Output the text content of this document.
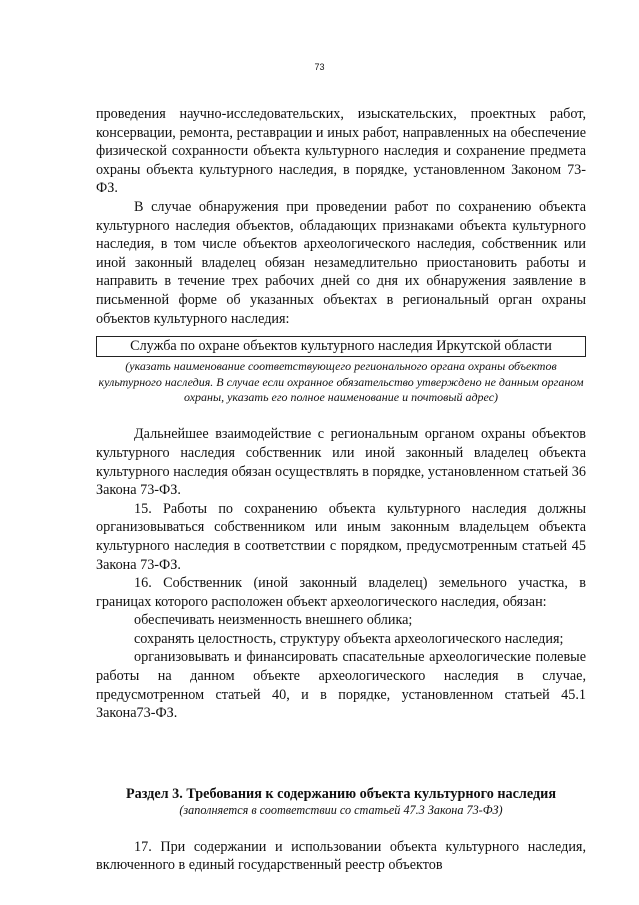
73

проведения научно-исследовательских, изыскательских, проектных работ, консервации, ремонта, реставрации и иных работ, направленных на обеспечение физической сохранности объекта культурного наследия и сохранение предмета охраны объекта культурного наследия, в порядке, установленном Законом 73-ФЗ.

В случае обнаружения при проведении работ по сохранению объекта культурного наследия объектов, обладающих признаками объекта культурного наследия, в том числе объектов археологического наследия, собственник или иной законный владелец обязан незамедлительно приостановить работы и направить в течение трех рабочих дней со дня их обнаружения заявление в письменной форме об указанных объектах в региональный орган охраны объектов культурного наследия:

Служба по охране объектов культурного наследия Иркутской области
(указать наименование соответствующего регионального органа охраны объектов культурного наследия. В случае если охранное обязательство утверждено не данным органом охраны, указать его полное наименование и почтовый адрес)

Дальнейшее взаимодействие с региональным органом охраны объектов культурного наследия собственник или иной законный владелец объекта культурного наследия обязан осуществлять в порядке, установленном статьей 36 Закона 73-ФЗ.

15. Работы по сохранению объекта культурного наследия должны организовываться собственником или иным законным владельцем объекта культурного наследия в соответствии с порядком, предусмотренным статьей 45 Закона 73-ФЗ.

16. Собственник (иной законный владелец) земельного участка, в границах которого расположен объект археологического наследия, обязан:

обеспечивать неизменность внешнего облика;

сохранять целостность, структуру объекта археологического наследия;

организовывать и финансировать спасательные археологические полевые работы на данном объекте археологического наследия в случае, предусмотренном статьей 40, и в порядке, установленном статьей 45.1 Закона73-ФЗ.

Раздел 3. Требования к содержанию объекта культурного наследия
(заполняется в соответствии со статьей 47.3 Закона 73-ФЗ)

17. При содержании и использовании объекта культурного наследия, включенного в единый государственный реестр объектов
